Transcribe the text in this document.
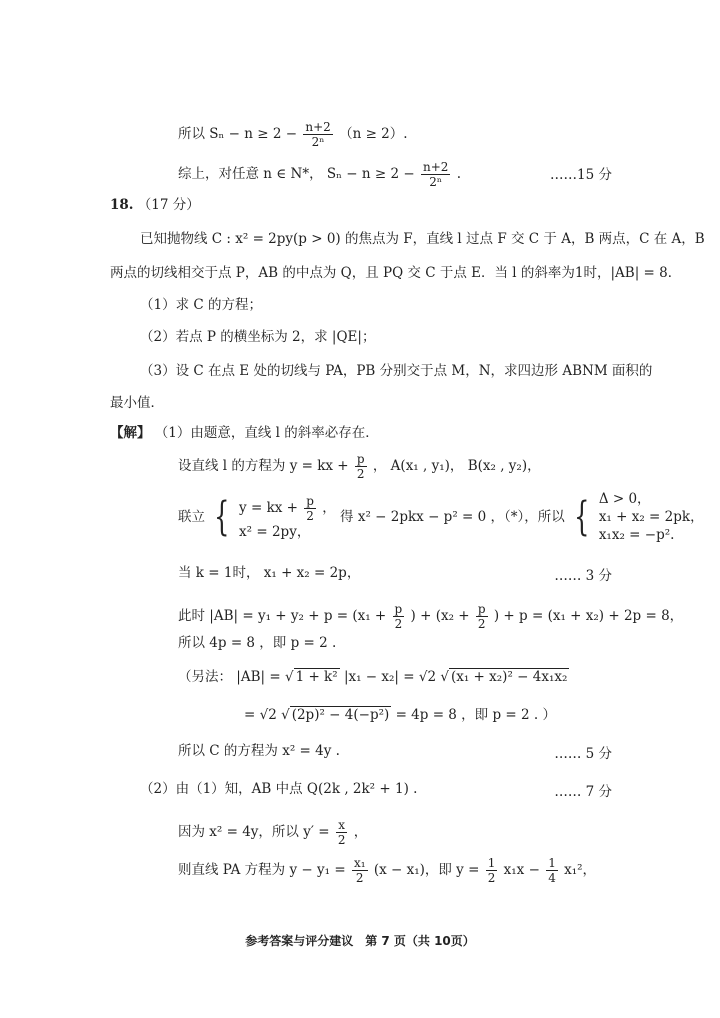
所以 $S_n - n \ge 2 - \frac{n+2}{\text{2ⁿ}} (n \ge 2)$.
综上，对任意 n ∈ N*， $S_n - n \ge 2 - \frac{n+2}{\text{2ⁿ}}$ .	……15 分
18. （17 分）
已知抛物线 C : x² = 2py(p > 0) 的焦点为 F，直线 l 过点 F 交 C 于 A，B 两点，C 在 A，B
两点的切线相交于点 P，AB 的中点为 Q，且 PQ 交 C 于点 E．当 l 的斜率为1时，|AB| = 8．
（1）求 C 的方程；
（2）若点 P 的横坐标为 2，求 |QE|；
（3）设 C 在点 E 处的切线与 PA，PB 分别交于点 M，N，求四边形 ABNM 面积的
最小值．
【解】 （1）由题意，直线 l 的斜率必存在．
设直线 l 的方程为 y = kx + $\frac{p}{2}$ ， A(x₁ , y₁)， B(x₂ , y₂)，
联立 { y = kx + $\frac{p}{2}$ ，
x² = 2py，
得 x² − 2pkx − p² = 0 ，（*），所以 { Δ > 0，
x₁ + x₂ = 2pk，
x₁x₂ = −p².
当 k = 1时， x₁ + x₂ = 2p，	…… 3 分
此时 $|AB| = y_1 + y_2 + p = (x_1 + \frac{p}{2}$ ) + ($x_2 + \frac{p}{2}$ ) + p = (x₁ + x₂) + 2p = 8，
所以 4p = 8 ，即 p = 2 .
（另法： |AB| = √ 1 + k² |x₁ − x₂| = √2 √ (x₁ + x₂)² − 4x₁x₂
= √2 √ (2p)² − 4(−p²) = 4p = 8 ，即 p = 2 . ）
所以 C 的方程为 x² = 4y .	…… 5 分
（2）由（1）知，AB 中点 Q(2k , 2k² + 1) .	…… 7 分
因为 x² = 4y，所以 $y' = \frac{x}{2}$ ，
则直线 PA 方程为 $y - y_1 = \frac{\text{x₁}}{2} (x - x_1)$，即 $y = \frac{1}{2} x_1x - \frac{1}{4} x_1^2$，
参考答案与评分建议　第 7 页（共 10页）
